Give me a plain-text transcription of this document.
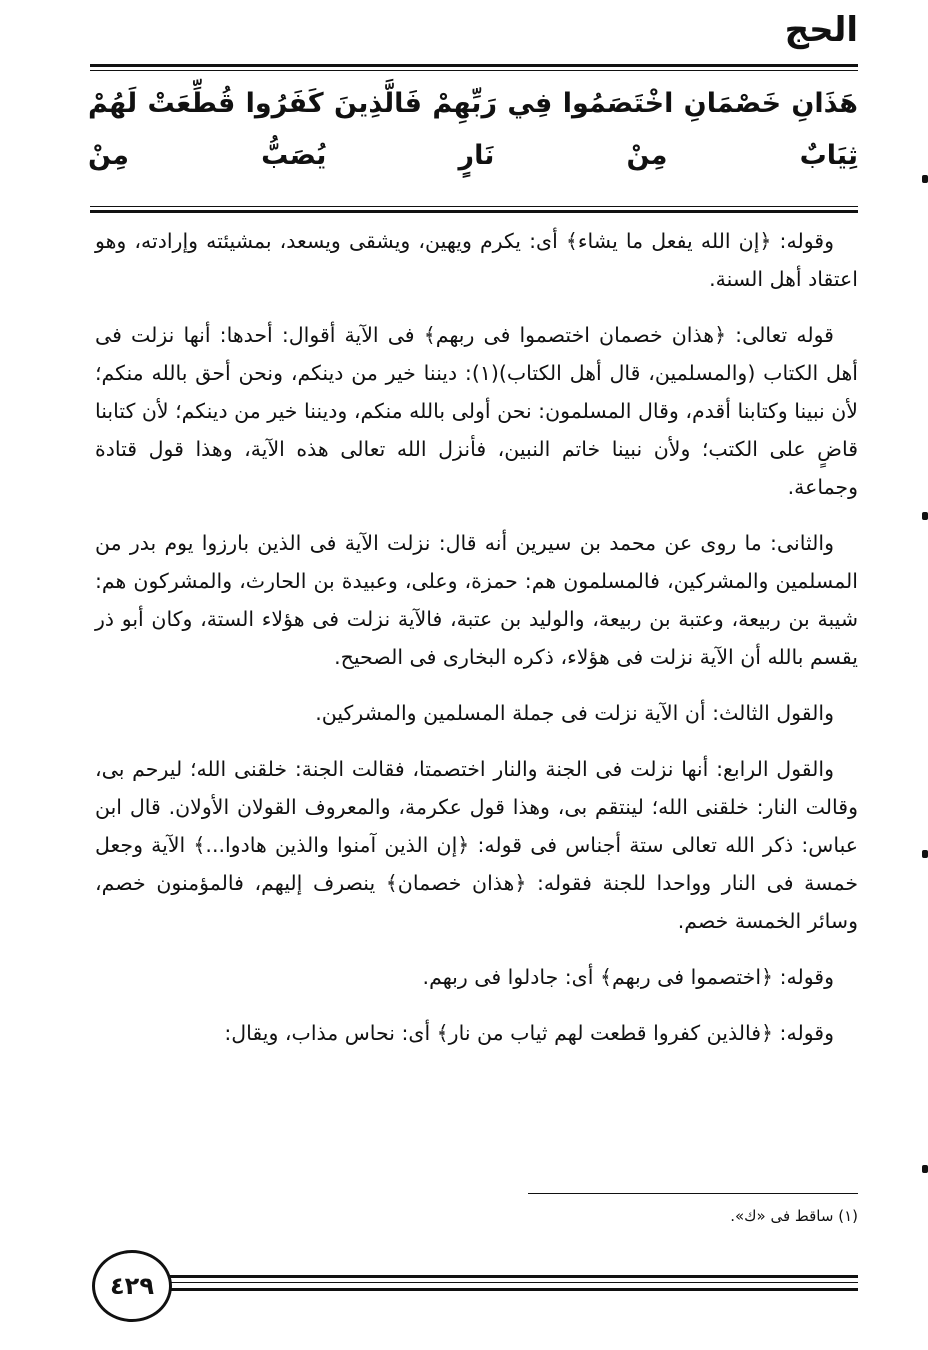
الحج
هَذَانِ خَصْمَانِ اخْتَصَمُوا فِي رَبِّهِمْ فَالَّذِينَ كَفَرُوا قُطِّعَتْ لَهُمْ ثِيَابٌ مِنْ نَارٍ يُصَبُّ مِنْ

وقوله: ﴿إن الله يفعل ما يشاء﴾ أى: يكرم ويهين، ويشقى ويسعد، بمشيئته وإرادته، وهو اعتقاد أهل السنة.

قوله تعالى: ﴿هذان خصمان اختصموا فى ربهم﴾ فى الآية أقوال: أحدها: أنها نزلت فى أهل الكتاب (والمسلمين، قال أهل الكتاب)(١): ديننا خير من دينكم، ونحن أحق بالله منكم؛ لأن نبينا وكتابنا أقدم، وقال المسلمون: نحن أولى بالله منكم، وديننا خير من دينكم؛ لأن كتابنا قاضٍ على الكتب؛ ولأن نبينا خاتم النبين، فأنزل الله تعالى هذه الآية، وهذا قول قتادة وجماعة.

والثانى: ما روى عن محمد بن سيرين أنه قال: نزلت الآية فى الذين بارزوا يوم بدر من المسلمين والمشركين، فالمسلمون هم: حمزة، وعلى، وعبيدة بن الحارث، والمشركون هم: شيبة بن ربيعة، وعتبة بن ربيعة، والوليد بن عتبة، فالآية نزلت فى هؤلاء الستة، وكان أبو ذر يقسم بالله أن الآية نزلت فى هؤلاء، ذكره البخارى فى الصحيح.

والقول الثالث: أن الآية نزلت فى جملة المسلمين والمشركين.

والقول الرابع: أنها نزلت فى الجنة والنار اختصمتا، فقالت الجنة: خلقنى الله؛ ليرحم بى، وقالت النار: خلقنى الله؛ لينتقم بى، وهذا قول عكرمة، والمعروف القولان الأولان. قال ابن عباس: ذكر الله تعالى ستة أجناس فى قوله: ﴿إن الذين آمنوا والذين هادوا...﴾ الآية وجعل خمسة فى النار وواحدا للجنة فقوله: ﴿هذان خصمان﴾ ينصرف إليهم، فالمؤمنون خصم، وسائر الخمسة خصم.

وقوله: ﴿اختصموا فى ربهم﴾ أى: جادلوا فى ربهم.

وقوله: ﴿فالذين كفروا قطعت لهم ثياب من نار﴾ أى: نحاس مذاب، ويقال:

(١) ساقط فى «ك».
٤٢٩
